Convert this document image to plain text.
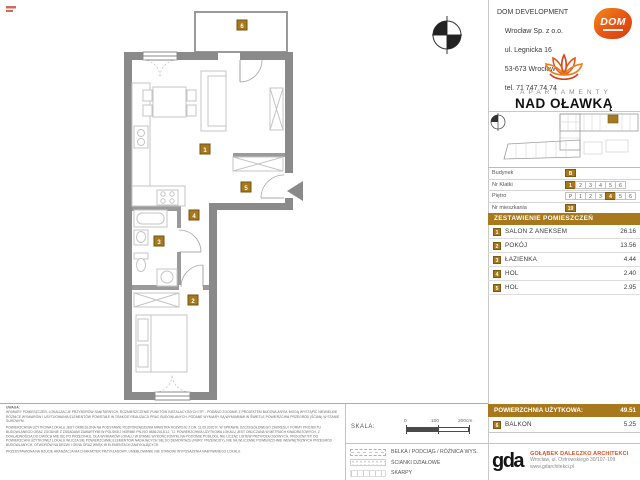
1
2
3
4
5
6
DOM DEVELOPMENT

Wrocław Sp. z o.o.

ul. Legnicka 16

53-673 Wrocław

tel. 71 747 74 74

DOM
APARTAMENTY
NAD OŁAWKĄ
Budynek	B
Nr Klatki	1	2	3	4	5	6
Piętro	P	1	2	3	4	5	6
Nr mieszkania	19
ZESTAWIENIE POMIESZCZEŃ
1	SALON Z ANEKSEM	26.16
2	POKÓJ	13.56
3	ŁAZIENKA	4.44
4	HOL	2.40
5	HOL	2.95
POWIERZCHNIA UŻYTKOWA:	49.51
6	BALKON	5.25
gda GOŁĄBEK DALECZKO ARCHITEKCI
Wrocław, ul. Ostrowskiego 30/107-109
www.gdarchitekci.pl
UWAGA:

WYMIARY POMIESZCZEŃ, LOKALIZACJE PRZYBORÓW SANITARNYCH, ROZMIESZCZENIE PUNKTÓW INSTALACYJNYCH ITP. - PODANO ZGODNIE Z PROJEKTEM BUDOWLANYM. MOGĄ WYSTĄPIĆ NIEWIELKIE RÓŻNICE WYMIARÓW I USYTUOWANIA ELEMENTÓW POWSTAŁE W TRAKCIE REALIZACJI PRAC BUDOWLANYCH. PODANE WYMIARY SĄ WYMIARAMI W ŚWIETLE POWIERZCHNI PRZEGRÓD (ŚCIAN) W STANIE SUROWYM.

POWIERZCHNIA UŻYTKOWA LOKALU JEST OKREŚLONA NA PODSTAWIE ROZPORZĄDZENIA MINISTRA ROZWOJU Z DN. 11.09.2020 R. W SPRAWIE SZCZEGÓŁOWEGO ZAKRESU I FORMY PROJEKTU BUDOWLANEGO ORAZ ZGODNIE Z ZASADAMI ZAWARTYMI W POLSKIEJ NORMIE PN-ISO 9836:2015-12, TJ. POWIERZCHNIA UŻYTKOWA LOKALU JEST OBLICZANA W METRACH KWADRATOWYCH, Z DOKŁADNOŚCIĄ DO DWÓCH MIEJSC PO PRZECINKU, DLA WYMIARÓW LOKALU W STANIE WYKOŃCZONYM, NA POZIOMIE PODŁOGI, NIE LICZĄC LISTEW PRZYPODŁOGOWYCH, PROGÓW ITP. DO POWIERZCHNI UŻYTKOWEJ LOKALU WLICZA SIĘ POWIERZCHNIĘ ELEMENTÓW NADAJĄCYCH SIĘ DO DEMONTAŻU (RURY, PRZEWODY), NIE SĄ WLICZANE POWIERZCHNIE WEWNĘTRZNYCH PRZEGRÓD BUDOWLANYCH, OTWORÓW NA DRZWI I OKNA ORAZ WNĘK W ELEMENTACH ZAMYKAJĄCYCH.

PRZEDSTAWIONA NA RZUCIE ARANŻACJA MA CHARAKTER PRZYKŁADOWY, UMEBLOWANIE NIE STANOWI WYPOSAŻENIA NABYWANEGO LOKALU.

SKALA:
0	100	200cm
BELKA / PODCIĄG / RÓŻNICA WYS.
ŚCIANKI DZIAŁOWE
SKARPY
